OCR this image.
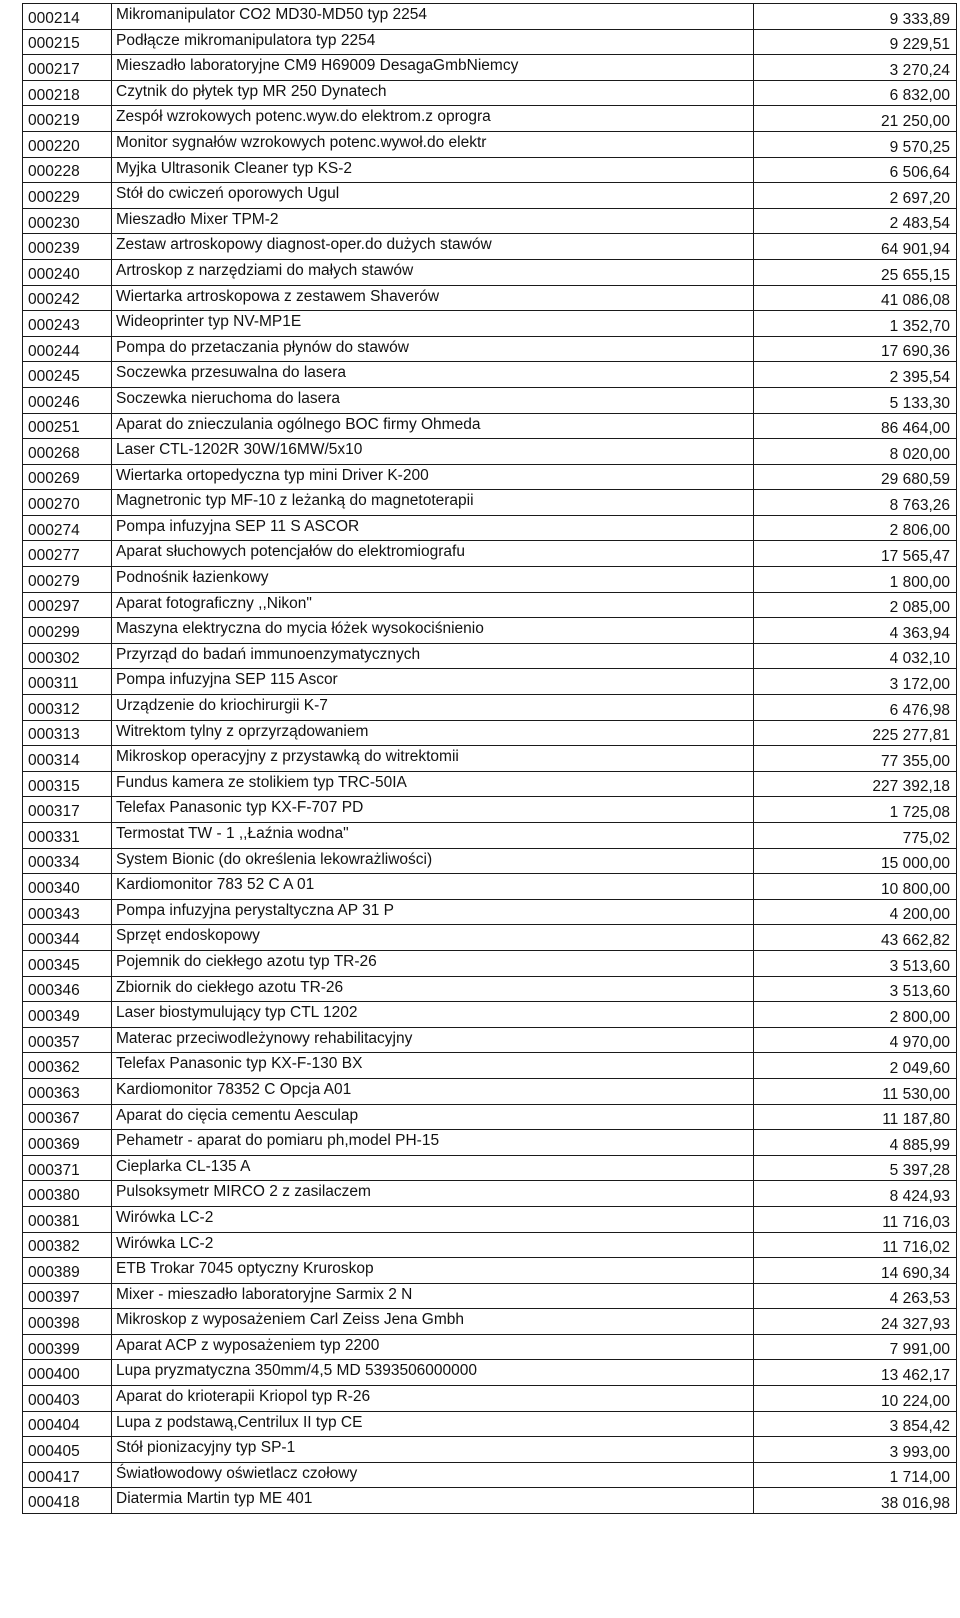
000214	Mikromanipulator CO2 MD30-MD50 typ 2254	9 333,89
000215	Podłącze mikromanipulatora typ 2254	9 229,51
000217	Mieszadło laboratoryjne CM9 H69009 DesagaGmbNiemcy	3 270,24
000218	Czytnik do płytek typ MR 250 Dynatech	6 832,00
000219	Zespół wzrokowych potenc.wyw.do elektrom.z oprogra	21 250,00
000220	Monitor sygnałów wzrokowych potenc.wywoł.do elektr	9 570,25
000228	Myjka Ultrasonik Cleaner typ KS-2	6 506,64
000229	Stół do cwiczeń oporowych Ugul	2 697,20
000230	Mieszadło Mixer TPM-2	2 483,54
000239	Zestaw artroskopowy diagnost-oper.do dużych stawów	64 901,94
000240	Artroskop z narzędziami do małych stawów	25 655,15
000242	Wiertarka artroskopowa z zestawem Shaverów	41 086,08
000243	Wideoprinter typ NV-MP1E	1 352,70
000244	Pompa do przetaczania płynów do stawów	17 690,36
000245	Soczewka przesuwalna do lasera	2 395,54
000246	Soczewka nieruchoma do lasera	5 133,30
000251	Aparat do znieczulania ogólnego BOC firmy Ohmeda	86 464,00
000268	Laser CTL-1202R 30W/16MW/5x10	8 020,00
000269	Wiertarka ortopedyczna typ mini Driver K-200	29 680,59
000270	Magnetronic typ MF-10 z leżanką do magnetoterapii	8 763,26
000274	Pompa infuzyjna SEP 11 S ASCOR	2 806,00
000277	Aparat słuchowych potencjałów do elektromiografu	17 565,47
000279	Podnośnik łazienkowy	1 800,00
000297	Aparat fotograficzny ,,Nikon"	2 085,00
000299	Maszyna elektryczna do mycia łóżek wysokociśnienio	4 363,94
000302	Przyrząd do badań immunoenzymatycznych	4 032,10
000311	Pompa infuzyjna SEP 115 Ascor	3 172,00
000312	Urządzenie do kriochirurgii K-7	6 476,98
000313	Witrektom tylny z oprzyrządowaniem	225 277,81
000314	Mikroskop operacyjny z przystawką do witrektomii	77 355,00
000315	Fundus kamera ze stolikiem typ TRC-50IA	227 392,18
000317	Telefax Panasonic typ KX-F-707 PD	1 725,08
000331	Termostat TW - 1 ,,Łaźnia wodna"	775,02
000334	System Bionic (do określenia lekowrażliwości)	15 000,00
000340	Kardiomonitor 783 52 C A 01	10 800,00
000343	Pompa infuzyjna perystaltyczna AP 31 P	4 200,00
000344	Sprzęt endoskopowy	43 662,82
000345	Pojemnik do ciekłego azotu typ TR-26	3 513,60
000346	Zbiornik do ciekłego azotu TR-26	3 513,60
000349	Laser biostymulujący typ CTL 1202	2 800,00
000357	Materac przeciwodleżynowy rehabilitacyjny	4 970,00
000362	Telefax Panasonic typ KX-F-130 BX	2 049,60
000363	Kardiomonitor 78352 C Opcja A01	11 530,00
000367	Aparat do cięcia cementu Aesculap	11 187,80
000369	Pehametr - aparat do pomiaru ph,model PH-15	4 885,99
000371	Cieplarka CL-135 A	5 397,28
000380	Pulsoksymetr MIRCO 2 z zasilaczem	8 424,93
000381	Wirówka LC-2	11 716,03
000382	Wirówka LC-2	11 716,02
000389	ETB Trokar 7045 optyczny Kruroskop	14 690,34
000397	Mixer - mieszadło laboratoryjne Sarmix 2 N	4 263,53
000398	Mikroskop z wyposażeniem Carl Zeiss Jena Gmbh	24 327,93
000399	Aparat ACP z wyposażeniem typ 2200	7 991,00
000400	Lupa pryzmatyczna 350mm/4,5 MD 5393506000000	13 462,17
000403	Aparat do krioterapii Kriopol typ R-26	10 224,00
000404	Lupa z podstawą,Centrilux II typ CE	3 854,42
000405	Stół pionizacyjny typ SP-1	3 993,00
000417	Światłowodowy oświetlacz czołowy	1 714,00
000418	Diatermia Martin typ ME 401	38 016,98
